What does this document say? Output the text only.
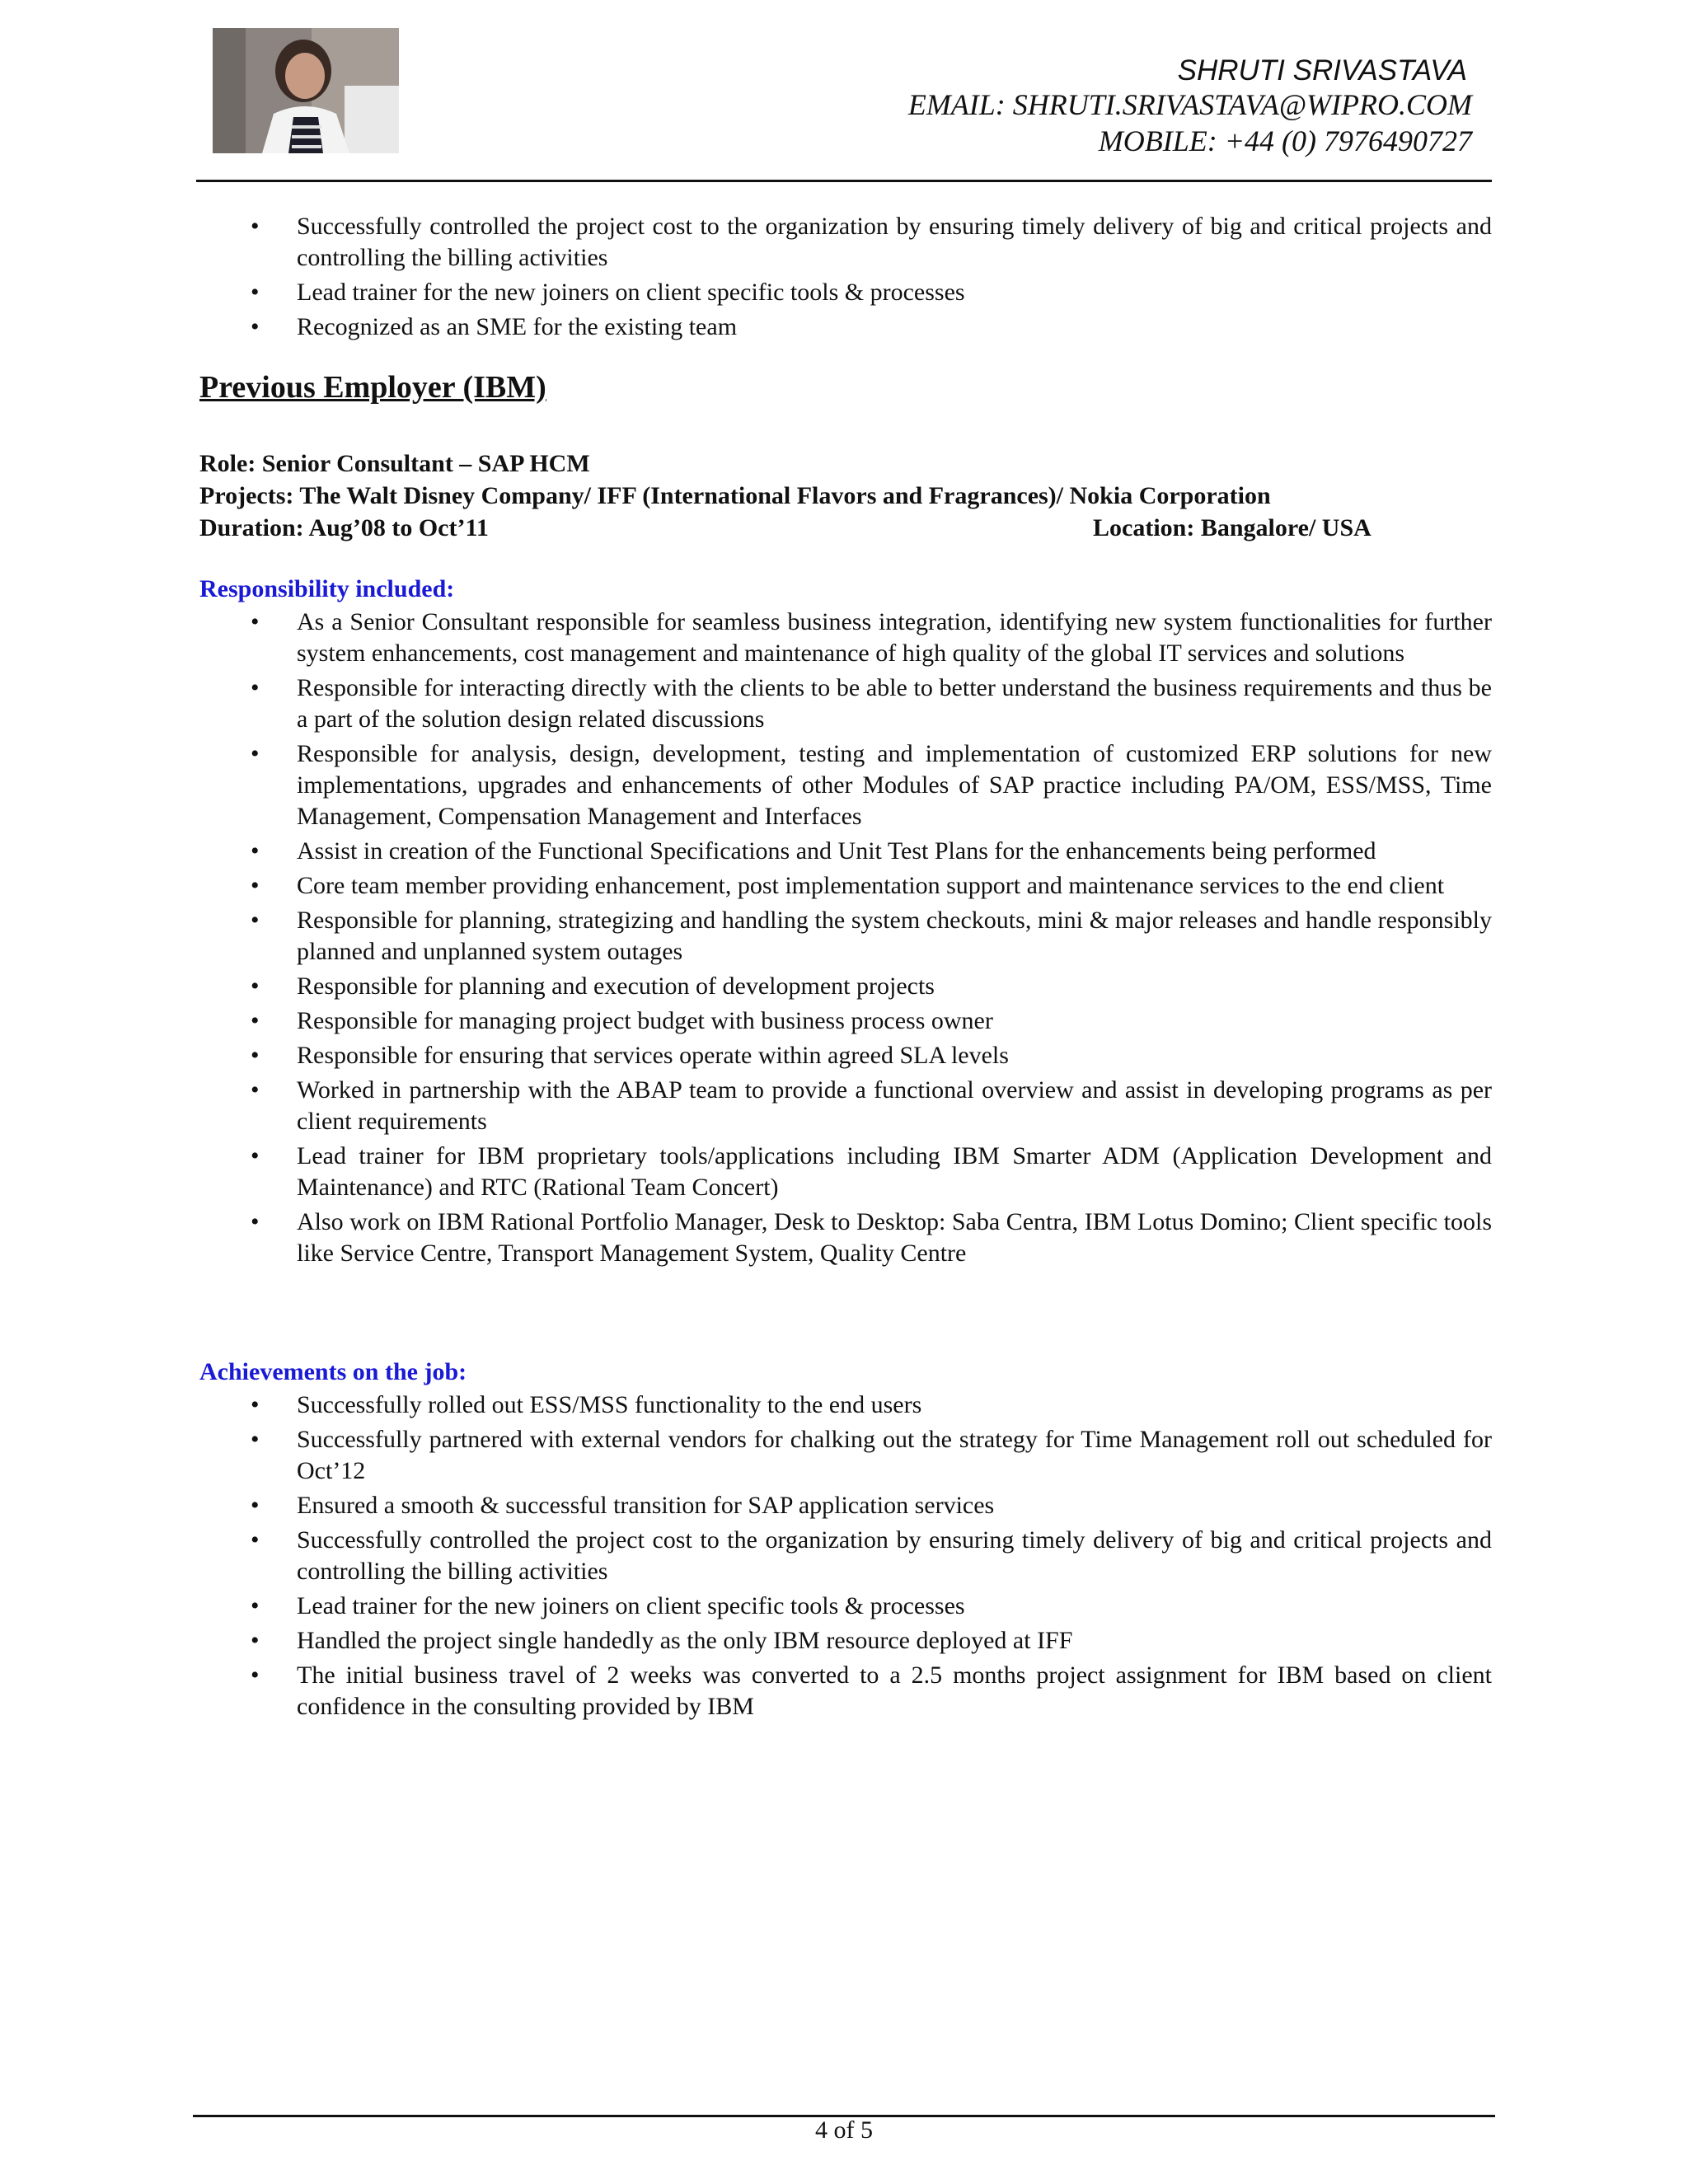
SHRUTI SRIVASTAVA
EMAIL: SHRUTI.SRIVASTAVA@WIPRO.COM
MOBILE: +44 (0) 7976490727
• Successfully controlled the project cost to the organization by ensuring timely delivery of big and critical projects and controlling the billing activities
• Lead trainer for the new joiners on client specific tools & processes
• Recognized as an SME for the existing team
Previous Employer (IBM)
Role: Senior Consultant – SAP HCM
Projects: The Walt Disney Company/ IFF (International Flavors and Fragrances)/ Nokia Corporation
Duration: Aug’08 to Oct’11	Location: Bangalore/ USA
Responsibility included:
• As a Senior Consultant responsible for seamless business integration, identifying new system functionalities for further system enhancements, cost management and maintenance of high quality of the global IT services and solutions
• Responsible for interacting directly with the clients to be able to better understand the business requirements and thus be a part of the solution design related discussions
• Responsible for analysis, design, development, testing and implementation of customized ERP solutions for new implementations, upgrades and enhancements of other Modules of SAP practice including PA/OM, ESS/MSS, Time Management, Compensation Management and Interfaces
• Assist in creation of the Functional Specifications and Unit Test Plans for the enhancements being performed
• Core team member providing enhancement, post implementation support and maintenance services to the end client
• Responsible for planning, strategizing and handling the system checkouts, mini & major releases and handle responsibly planned and unplanned system outages
• Responsible for planning and execution of development projects
• Responsible for managing project budget with business process owner
• Responsible for ensuring that services operate within agreed SLA levels
• Worked in partnership with the ABAP team to provide a functional overview and assist in developing programs as per client requirements
• Lead trainer for IBM proprietary tools/applications including IBM Smarter ADM (Application Development and Maintenance) and RTC (Rational Team Concert)
• Also work on IBM Rational Portfolio Manager, Desk to Desktop: Saba Centra, IBM Lotus Domino; Client specific tools like Service Centre, Transport Management System, Quality Centre
Achievements on the job:
• Successfully rolled out ESS/MSS functionality to the end users
• Successfully partnered with external vendors for chalking out the strategy for Time Management roll out scheduled for Oct’12
• Ensured a smooth & successful transition for SAP application services
• Successfully controlled the project cost to the organization by ensuring timely delivery of big and critical projects and controlling the billing activities
• Lead trainer for the new joiners on client specific tools & processes
• Handled the project single handedly as the only IBM resource deployed at IFF
• The initial business travel of 2 weeks was converted to a 2.5 months project assignment for IBM based on client confidence in the consulting provided by IBM
4 of 5
